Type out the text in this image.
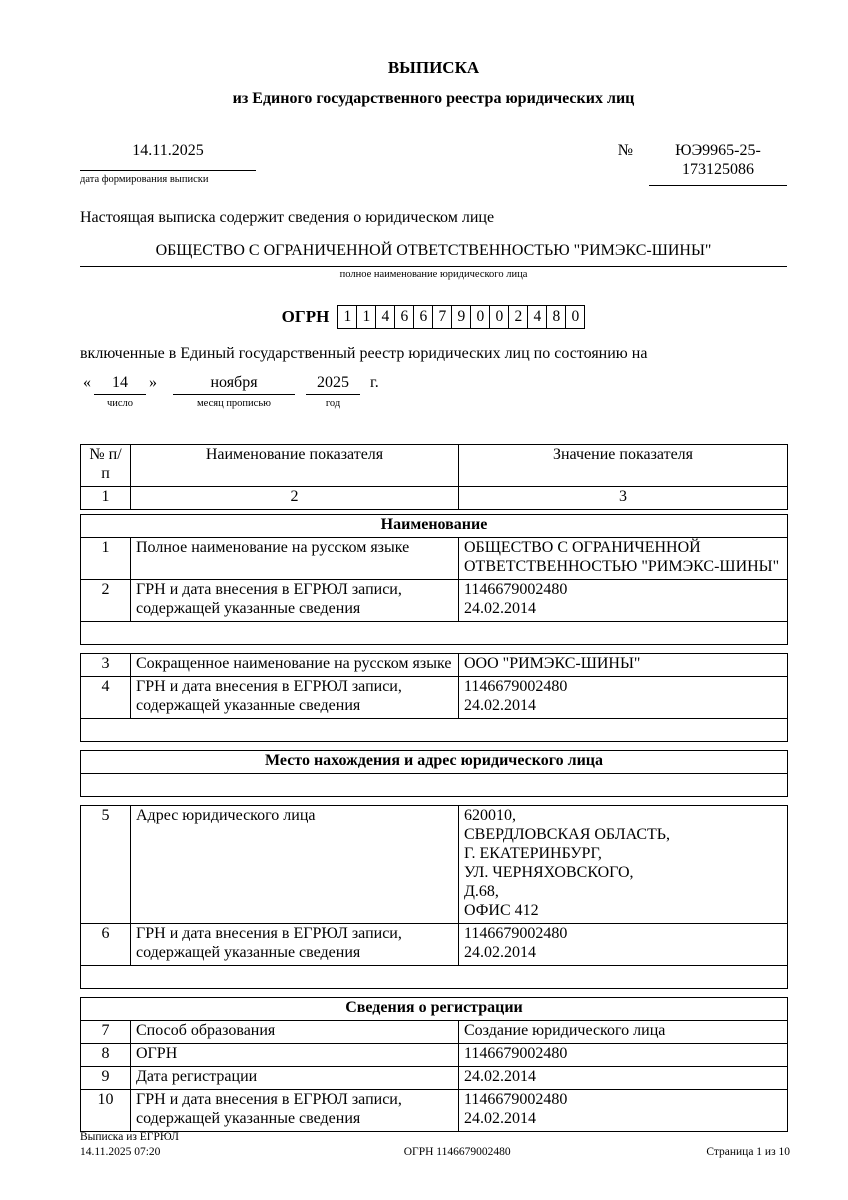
ВЫПИСКА
из Единого государственного реестра юридических лиц
14.11.2025
дата формирования выписки
№	ЮЭ9965-25-
173125086
Настоящая выписка содержит сведения о юридическом лице
ОБЩЕСТВО С ОГРАНИЧЕННОЙ ОТВЕТСТВЕННОСТЬЮ "РИМЭКС-ШИНЫ"
полное наименование юридического лица
ОГРН 1 1 4 6 6 7 9 0 0 2 4 8 0
включенные в Единый государственный реестр юридических лиц по состоянию на
«	14
число
»	ноября
месяц прописью
2025
год
г.
№ п/п	Наименование показателя	Значение показателя
1	2	3
Наименование		
1	Полное наименование на русском языке	ОБЩЕСТВО С ОГРАНИЧЕННОЙ ОТВЕТСТВЕННОСТЬЮ "РИМЭКС-ШИНЫ"

2	ГРН и дата внесения в ЕГРЮЛ записи, содержащей указанные сведения	1146679002480
24.02.2014

3	Сокращенное наименование на русском языке	ООО "РИМЭКС-ШИНЫ"

4	ГРН и дата внесения в ЕГРЮЛ записи, содержащей указанные сведения	1146679002480
24.02.2014

Место нахождения и адрес юридического лица

5	Адрес юридического лица	620010,
СВЕРДЛОВСКАЯ ОБЛАСТЬ,
Г. ЕКАТЕРИНБУРГ,
УЛ. ЧЕРНЯХОВСКОГО,
Д.68,
ОФИС 412

6	ГРН и дата внесения в ЕГРЮЛ записи, содержащей указанные сведения	1146679002480
24.02.2014

Сведения о регистрации		
7	Способ образования	Создание юридического лица

8	ОГРН	1146679002480

9	Дата регистрации	24.02.2014

10	ГРН и дата внесения в ЕГРЮЛ записи, содержащей указанные сведения	1146679002480
24.02.2014
Выписка из ЕГРЮЛ
14.11.2025 07:20	ОГРН 1146679002480	Страница 1 из 10
